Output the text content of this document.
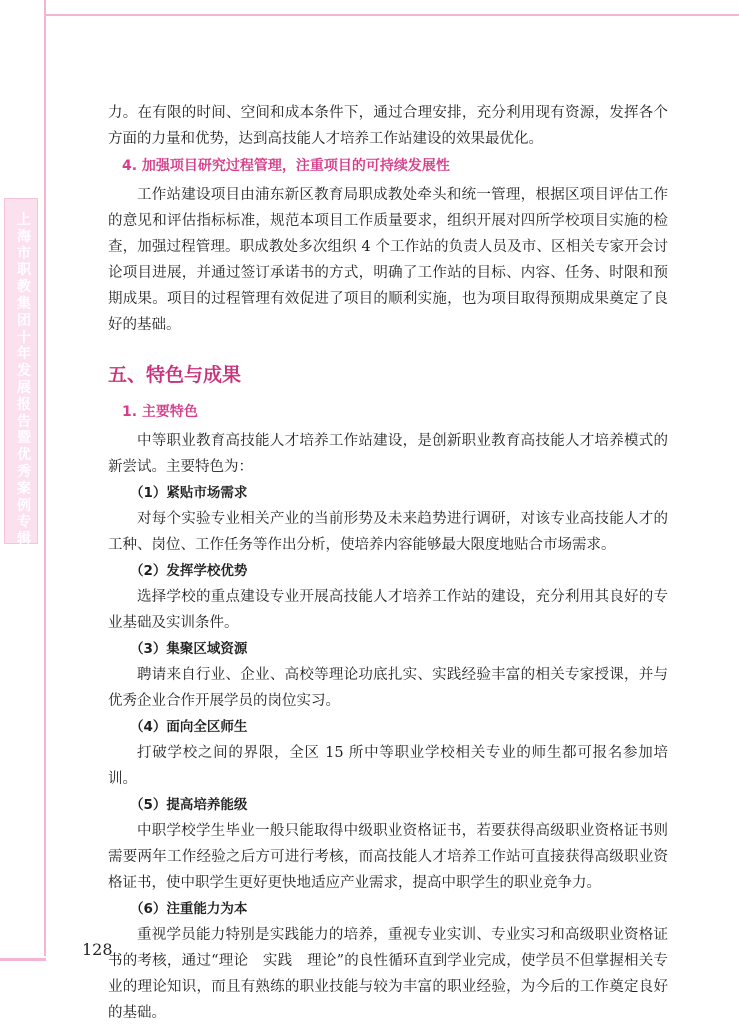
上海市职教集团十年发展报告暨优秀案例专辑

力。在有限的时间、空间和成本条件下，通过合理安排，充分利用现有资源，发挥各个方面的力量和优势，达到高技能人才培养工作站建设的效果最优化。

4. 加强项目研究过程管理，注重项目的可持续发展性

工作站建设项目由浦东新区教育局职成教处牵头和统一管理，根据区项目评估工作的意见和评估指标标准，规范本项目工作质量要求，组织开展对四所学校项目实施的检查，加强过程管理。职成教处多次组织 4 个工作站的负责人员及市、区相关专家开会讨论项目进展，并通过签订承诺书的方式，明确了工作站的目标、内容、任务、时限和预期成果。项目的过程管理有效促进了项目的顺利实施，也为项目取得预期成果奠定了良好的基础。

五、特色与成果
1. 主要特色

中等职业教育高技能人才培养工作站建设，是创新职业教育高技能人才培养模式的新尝试。主要特色为：

（1）紧贴市场需求

对每个实验专业相关产业的当前形势及未来趋势进行调研，对该专业高技能人才的工种、岗位、工作任务等作出分析，使培养内容能够最大限度地贴合市场需求。

（2）发挥学校优势

选择学校的重点建设专业开展高技能人才培养工作站的建设，充分利用其良好的专业基础及实训条件。

（3）集聚区域资源

聘请来自行业、企业、高校等理论功底扎实、实践经验丰富的相关专家授课，并与优秀企业合作开展学员的岗位实习。

（4）面向全区师生

打破学校之间的界限，全区 15 所中等职业学校相关专业的师生都可报名参加培训。

（5）提高培养能级

中职学校学生毕业一般只能取得中级职业资格证书，若要获得高级职业资格证书则需要两年工作经验之后方可进行考核，而高技能人才培养工作站可直接获得高级职业资格证书，使中职学生更好更快地适应产业需求，提高中职学生的职业竞争力。

（6）注重能力为本

重视学员能力特别是实践能力的培养，重视专业实训、专业实习和高级职业资格证书的考核，通过“理论　实践　理论”的良性循环直到学业完成，使学员不但掌握相关专业的理论知识，而且有熟练的职业技能与较为丰富的职业经验，为今后的工作奠定良好的基础。

128
